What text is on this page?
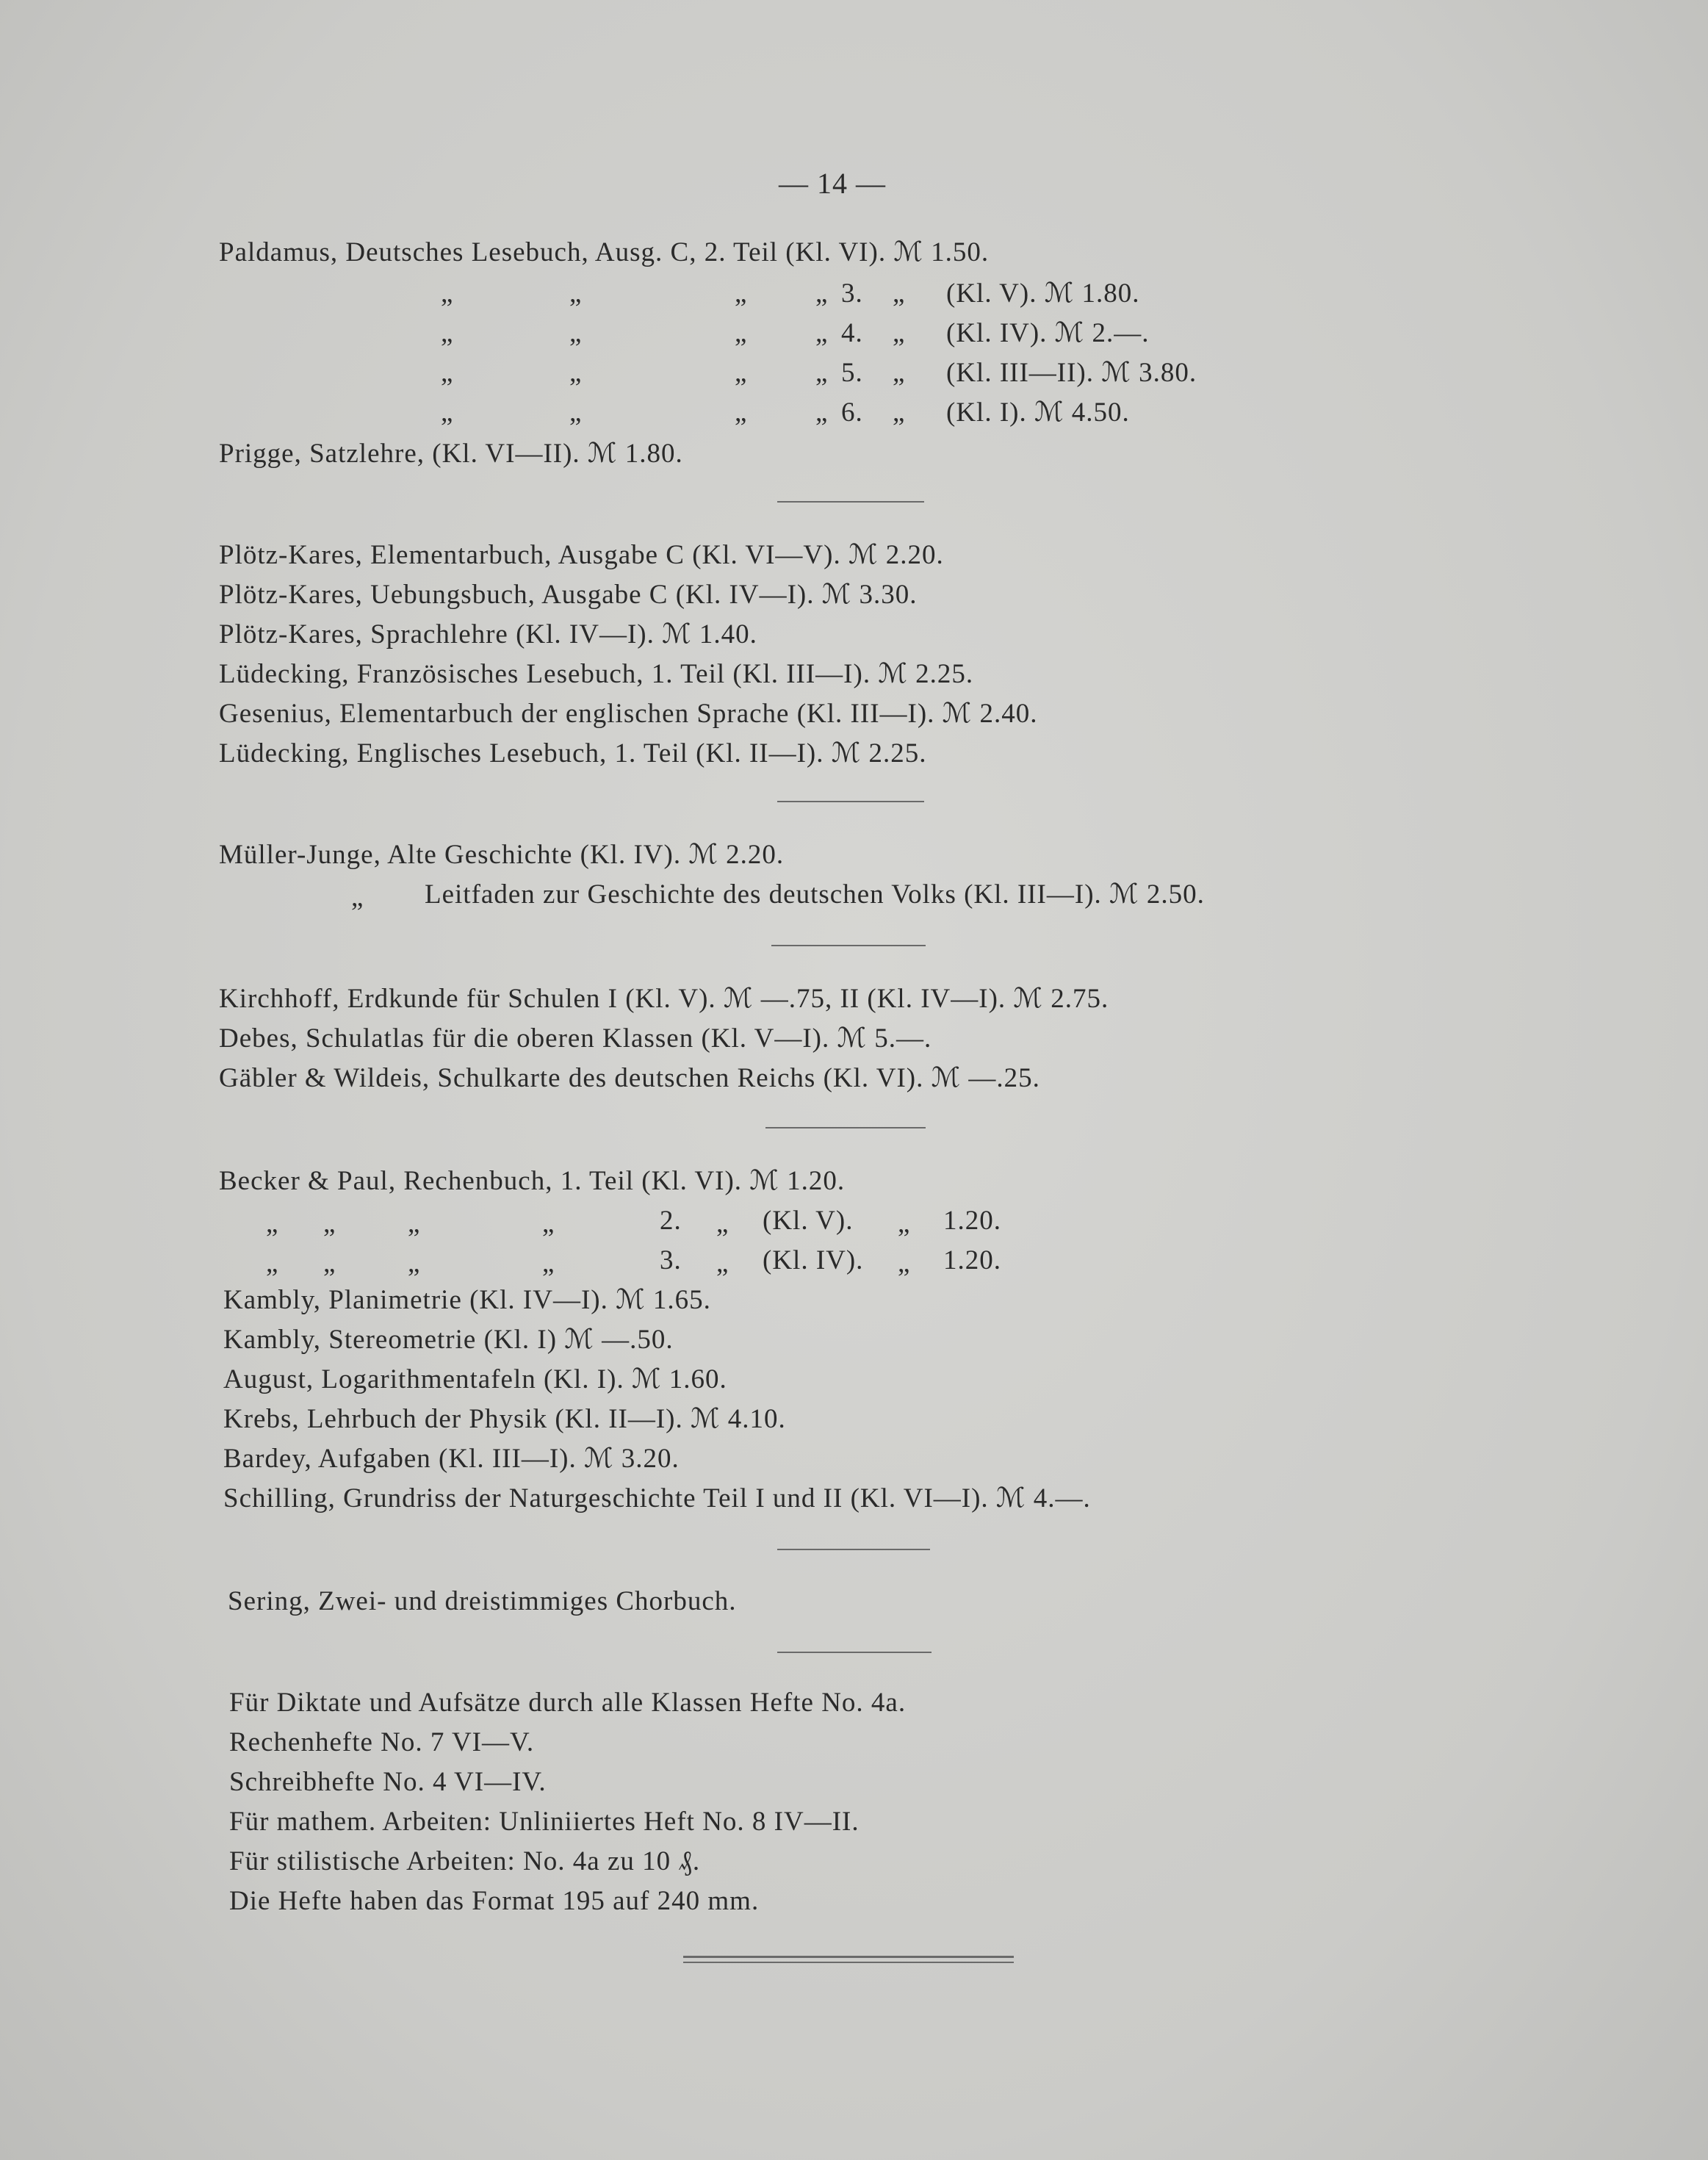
— 14 —
Paldamus, Deutsches Lesebuch, Ausg. C, 2. Teil (Kl. VI). ℳ 1.50.
„	„	„	„ 3. „ (Kl. V). ℳ 1.80.
„	„	„	„ 4. „ (Kl. IV). ℳ 2.—.
„	„	„	„ 5. „ (Kl. III—II). ℳ 3.80.
„	„	„	„ 6. „ (Kl. I). ℳ 4.50.
Prigge, Satzlehre, (Kl. VI—II). ℳ 1.80.
Plötz-Kares, Elementarbuch, Ausgabe C (Kl. VI—V). ℳ 2.20.
Plötz-Kares, Uebungsbuch, Ausgabe C (Kl. IV—I). ℳ 3.30.
Plötz-Kares, Sprachlehre (Kl. IV—I). ℳ 1.40.
Lüdecking, Französisches Lesebuch, 1. Teil (Kl. III—I). ℳ 2.25.
Gesenius, Elementarbuch der englischen Sprache (Kl. III—I). ℳ 2.40.
Lüdecking, Englisches Lesebuch, 1. Teil (Kl. II—I). ℳ 2.25.
Müller-Junge, Alte Geschichte (Kl. IV). ℳ 2.20.
„ Leitfaden zur Geschichte des deutschen Volks (Kl. III—I). ℳ 2.50.
Kirchhoff, Erdkunde für Schulen I (Kl. V). ℳ —.75, II (Kl. IV—I). ℳ 2.75.
Debes, Schulatlas für die oberen Klassen (Kl. V—I). ℳ 5.—.
Gäbler & Wildeis, Schulkarte des deutschen Reichs (Kl. VI). ℳ —.25.
Becker & Paul, Rechenbuch, 1. Teil (Kl. VI). ℳ 1.20.
„ „	„	„	2. „ (Kl. V). „ 1.20.
„ „	„	„	3. „ (Kl. IV). „ 1.20.
Kambly, Planimetrie (Kl. IV—I). ℳ 1.65.
Kambly, Stereometrie (Kl. I) ℳ —.50.
August, Logarithmentafeln (Kl. I). ℳ 1.60.
Krebs, Lehrbuch der Physik (Kl. II—I). ℳ 4.10.
Bardey, Aufgaben (Kl. III—I). ℳ 3.20.
Schilling, Grundriss der Naturgeschichte Teil I und II (Kl. VI—I). ℳ 4.—.
Sering, Zwei- und dreistimmiges Chorbuch.
Für Diktate und Aufsätze durch alle Klassen Hefte No. 4a.
Rechenhefte No. 7 VI—V.
Schreibhefte No. 4 VI—IV.
Für mathem. Arbeiten: Unliniiertes Heft No. 8 IV—II.
Für stilistische Arbeiten: No. 4a zu 10 ₰.
Die Hefte haben das Format 195 auf 240 mm.
